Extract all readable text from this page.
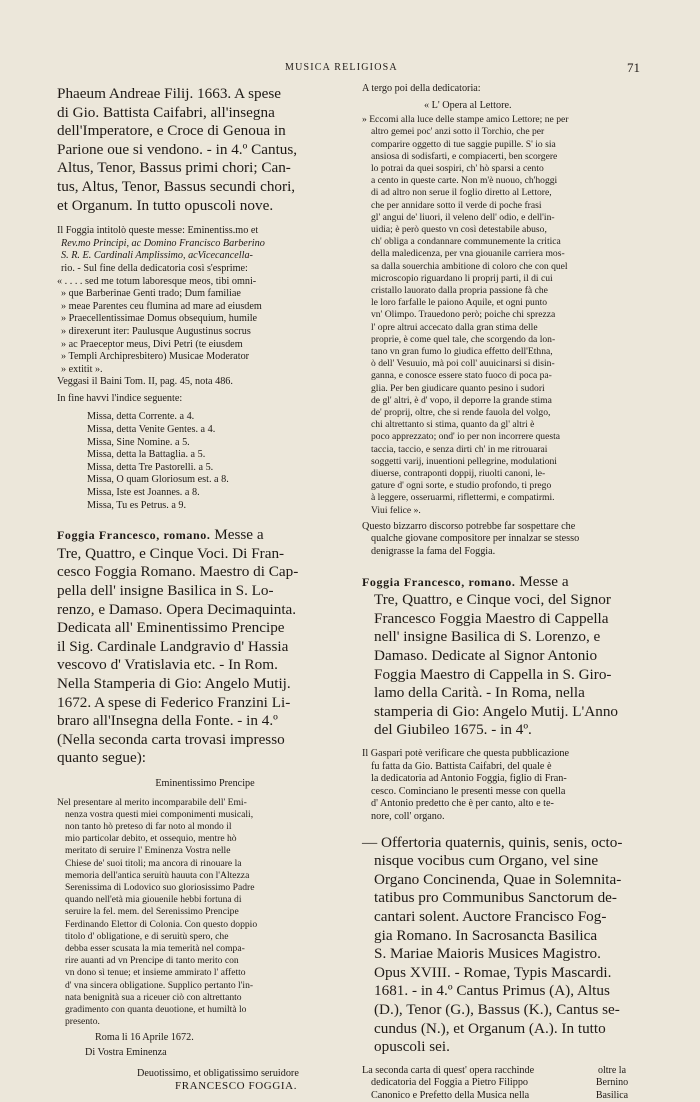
MUSICA RELIGIOSA	71

Phaeum Andreae Filij. 1663. A spese

di Gio. Battista Caifabri, all'insegna

dell'Imperatore, e Croce di Genoua in

Parione oue si vendono. - in 4.º Cantus,

Altus, Tenor, Bassus primi chori; Can-

tus, Altus, Tenor, Bassus secundi chori,

et Organum. In tutto opuscoli nove.

Il Foggia intitolò queste messe: Eminentiss.mo et

Rev.mo Principi, ac Domino Francisco Barberino

S. R. E. Cardinali Amplissimo, acVicecancella-

rio. - Sul fine della dedicatoria così s'esprime:

« . . . . sed me totum laboresque meos, tibi omni-

» que Barberinae Genti trado; Dum familiae

» meae Parentes ceu flumina ad mare ad eiusdem

» Praecellentissimae Domus obsequium, humile

» direxerunt iter: Paulusque Augustinus socrus

» ac Praeceptor meus, Divi Petri (te eiusdem

» Templi Archipresbitero) Musicae Moderator

» extitit ».

Veggasi il Baini Tom. II, pag. 45, nota 486.

In fine havvi l'indice seguente:

Missa, detta Corrente. a 4.
Missa, detta Venite Gentes. a 4.
Missa, Sine Nomine. a 5.
Missa, detta la Battaglia. a 5.
Missa, detta Tre Pastorelli. a 5.
Missa, O quam Gloriosum est. a 8.
Missa, Iste est Joannes. a 8.
Missa, Tu es Petrus. a 9.

Foggia Francesco, romano. Messe a

Tre, Quattro, e Cinque Voci. Di Fran-

cesco Foggia Romano. Maestro di Cap-

pella dell' insigne Basilica in S. Lo-

renzo, e Damaso. Opera Decimaquinta.

Dedicata all' Eminentissimo Prencipe

il Sig. Cardinale Landgravio d' Hassia

vescovo d' Vratislavia etc. - In Rom.

Nella Stamperia di Gio: Angelo Mutij.

1672. A spese di Federico Franzini Li-

braro all'Insegna della Fonte. - in 4.º

(Nella seconda carta trovasi impresso

quanto segue):

Eminentissimo Prencipe

Nel presentare al merito incomparabile dell' Emi-

nenza vostra questi miei componimenti musicali,

non tanto hò preteso di far noto al mondo il

mio particolar debito, et ossequio, mentre hò

meritato di seruire l' Eminenza Vostra nelle

Chiese de' suoi titoli; ma ancora di rinouare la

memoria dell'antica seruitù hauuta con l'Altezza

Serenissima di Lodovico suo gloriosissimo Padre

quando nell'età mia giouenile hebbi fortuna di

seruire la fel. mem. del Serenissimo Prencipe

Ferdinando Elettor di Colonia. Con questo doppio

titolo d' obligatione, e di seruitù spero, che

debba esser scusata la mia temerità nel compa-

rire auanti ad vn Prencipe di tanto merito con

vn dono sì tenue; et insieme ammirato l' affetto

d' vna sincera obligatione. Supplico pertanto l'in-

nata benignità sua a riceuer ciò con altrettanto

gradimento con quanta deuotione, et humiltà lo

presento.

Roma li 16 Aprile 1672.

Di Vostra Eminenza

Deuotissimo, et obligatissimo seruidore

FRANCESCO FOGGIA.

A tergo poi della dedicatoria:

« L' Opera al Lettore.

» Eccomi alla luce delle stampe amico Lettore; ne per

altro gemei poc' anzi sotto il Torchio, che per

comparire oggetto di tue saggie pupille. S' io sia

ansiosa di sodisfarti, e compiacerti, ben scorgere

lo potrai da quei sospiri, ch' hò sparsi a cento

a cento in queste carte. Non m'è nuouo, ch'hoggi

di ad altro non serue il foglio diretto al Lettore,

che per annidare sotto il verde di poche frasi

gl' angui de' liuori, il veleno dell' odio, e dell'in-

uidia; è però questo vn così detestabile abuso,

ch' obliga a condannare communemente la critica

della maledicenza, per vna giouanile carriera mos-

sa dalla souerchia ambitione di coloro che con quel

microscopio riguardano li proprij parti, il di cui

cristallo lauorato dalla propria passione fà che

le loro farfalle le paiono Aquile, et ogni punto

vn' Olimpo. Trauedono però; poiche chi sprezza

l' opre altrui accecato dalla gran stima delle

proprie, è come quel tale, che scorgendo da lon-

tano vn gran fumo lo giudica effetto dell'Ethna,

ò dell' Vesuuio, mà poi coll' auuicinarsi si disin-

ganna, e conosce essere stato fuoco di poca pa-

glia. Per ben giudicare quanto pesino i sudori

de gl' altri, è d' vopo, il deporre la grande stima

de' proprij, oltre, che si rende fauola del volgo,

chi altrettanto si stima, quanto da gl' altri è

poco apprezzato; ond' io per non incorrere questa

taccia, taccio, e senza dirti ch' in me ritrouarai

soggetti varij, inuentioni pellegrine, modulationi

diuerse, contraponti doppij, riuolti canoni, le-

gature d' ogni sorte, e studio profondo, ti prego

à leggere, osseruarmi, riflettermi, e compatirmi.

Viui felice ».

Questo bizzarro discorso potrebbe far sospettare che

qualche giovane compositore per innalzar se stesso

denigrasse la fama del Foggia.

Foggia Francesco, romano. Messe a

Tre, Quattro, e Cinque voci, del Signor

Francesco Foggia Maestro di Cappella

nell' insigne Basilica di S. Lorenzo, e

Damaso. Dedicate al Signor Antonio

Foggia Maestro di Cappella in S. Giro-

lamo della Carità. - In Roma, nella

stamperia di Gio: Angelo Mutij. L'Anno

del Giubileo 1675. - in 4º.

Il Gaspari potè verificare che questa pubblicazione

fu fatta da Gio. Battista Caifabri, del quale è

la dedicatoria ad Antonio Foggia, figlio di Fran-

cesco. Cominciano le presenti messe con quella

d' Antonio predetto che è per canto, alto e te-

nore, coll' organo.

— Offertoria quaternis, quinis, senis, octo-

nisque vocibus cum Organo, vel sine

Organo Concinenda, Quae in Solemnita-

tatibus pro Communibus Sanctorum de-

cantari solent. Auctore Francisco Fog-

gia Romano. In Sacrosancta Basilica

S. Mariae Maioris Musices Magistro.

Opus XVIII. - Romae, Typis Mascardi.

1681. - in 4.º Cantus Primus (A), Altus

(D.), Tenor (G.), Bassus (K.), Cantus se-

cundus (N.), et Organum (A.). In tutto

opuscoli sei.

La seconda carta di quest' opera racchinde

dedicatoria del Foggia a Pietro Filippo

Canonico e Prefetto della Musica nella

oltre la
Bernino
Basilica
